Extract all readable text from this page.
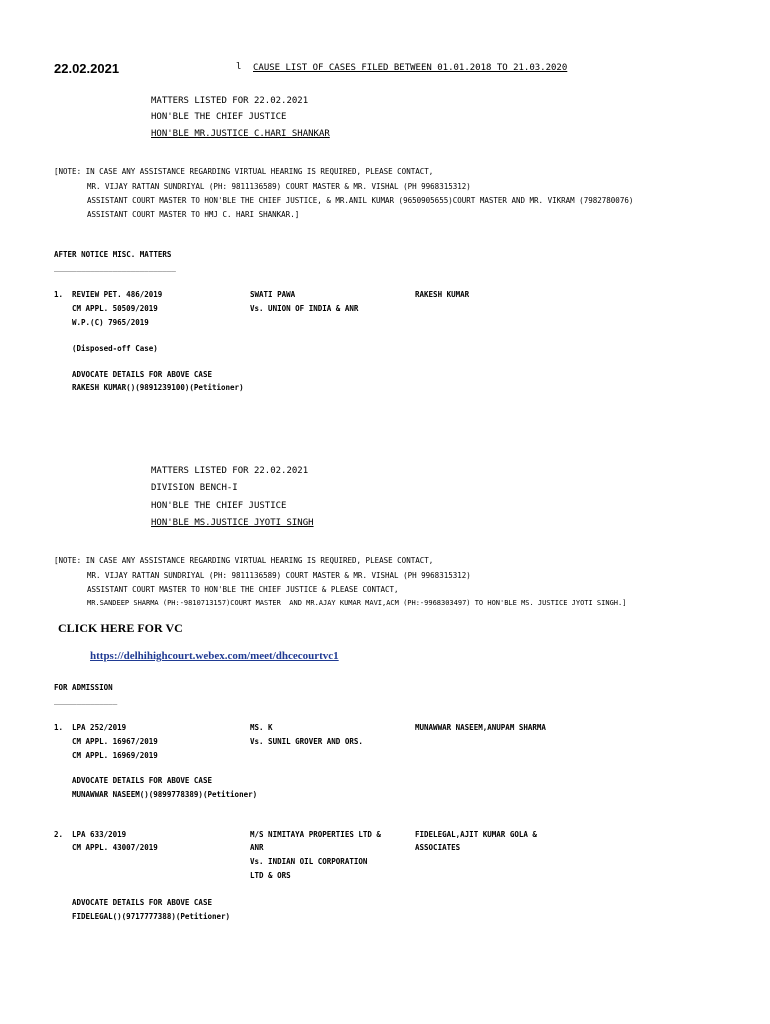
22.02.2021	l CAUSE LIST OF CASES FILED BETWEEN 01.01.2018 TO 21.03.2020
MATTERS LISTED FOR 22.02.2021
HON'BLE THE CHIEF JUSTICE
HON'BLE MR.JUSTICE C.HARI SHANKAR
[NOTE: IN CASE ANY ASSISTANCE REGARDING VIRTUAL HEARING IS REQUIRED, PLEASE CONTACT,
MR. VIJAY RATTAN SUNDRIYAL (PH: 9811136589) COURT MASTER & MR. VISHAL (PH 9968315312)
ASSISTANT COURT MASTER TO HON'BLE THE CHIEF JUSTICE, & MR.ANIL KUMAR (9650905655)COURT MASTER AND MR. VIKRAM (7982780076)
ASSISTANT COURT MASTER TO HMJ C. HARI SHANKAR.]
AFTER NOTICE MISC. MATTERS
___________________________
1. REVIEW PET. 486/2019
CM APPL. 50509/2019
W.P.(C) 7965/2019
SWATI PAWA
Vs. UNION OF INDIA & ANR
RAKESH KUMAR
(Disposed-off Case)
ADVOCATE DETAILS FOR ABOVE CASE
RAKESH KUMAR()(9891239100)(Petitioner)
MATTERS LISTED FOR 22.02.2021
DIVISION BENCH-I
HON'BLE THE CHIEF JUSTICE
HON'BLE MS.JUSTICE JYOTI SINGH
[NOTE: IN CASE ANY ASSISTANCE REGARDING VIRTUAL HEARING IS REQUIRED, PLEASE CONTACT,
MR. VIJAY RATTAN SUNDRIYAL (PH: 9811136589) COURT MASTER & MR. VISHAL (PH 9968315312)
ASSISTANT COURT MASTER TO HON'BLE THE CHIEF JUSTICE & PLEASE CONTACT,
MR.SANDEEP SHARMA (PH:-9810713157)COURT MASTER  AND MR.AJAY KUMAR MAVI,ACM (PH:-9968303497) TO HON'BLE MS. JUSTICE JYOTI SINGH.]
CLICK HERE FOR VC
https://delhihighcourt.webex.com/meet/dhcecourtvc1
FOR ADMISSION
______________
1. LPA 252/2019
CM APPL. 16967/2019
CM APPL. 16969/2019
MS. K
Vs. SUNIL GROVER AND ORS.
MUNAWWAR NASEEM,ANUPAM SHARMA
ADVOCATE DETAILS FOR ABOVE CASE
MUNAWWAR NASEEM()(9899778389)(Petitioner)
2. LPA 633/2019
CM APPL. 43007/2019
M/S NIMITAYA PROPERTIES LTD &
ANR
Vs. INDIAN OIL CORPORATION
LTD & ORS
FIDELEGAL,AJIT KUMAR GOLA &
ASSOCIATES
ADVOCATE DETAILS FOR ABOVE CASE
FIDELEGAL()(9717777388)(Petitioner)
